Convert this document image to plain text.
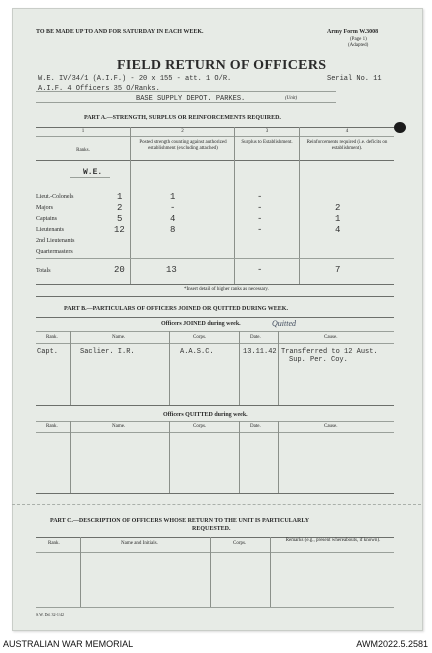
TO BE MADE UP TO AND FOR SATURDAY IN EACH WEEK.	Army Form W.3008
(Page 1)
(Adapted)
FIELD RETURN OF OFFICERS
W.E. IV/34/1 (A.I.F.) - 20 x 155 - att. 1 O/R.	Serial No. 11
A.I.F. 4 Officers 35 O/Ranks.
BASE SUPPLY DEPOT. PARKES.	(Unit)
PART A.—STRENGTH, SURPLUS OR REINFORCEMENTS REQUIRED.
1	2	3	4
Ranks.
Posted strength counting against authorized establishment (excluding attached)
Surplus to Establishment.	Reinforcements required (i.e. deficits on establishment).
W.E.
Lieut.-Colonels	1	1	-
Majors	2	-	-	2
Captains	5	4	-	1
Lieutenants	12	8	-	4
2nd Lieutenants
Quartermasters
Totals	20	13	-	7
*Insert detail of higher ranks as necessary.
PART B.—PARTICULARS OF OFFICERS JOINED OR QUITTED DURING WEEK.
Officers JOINED during week.	Quitted
Rank.	Name.	Corps.	Date.	Cause.
Capt.	Saclier. I.R.	A.A.S.C.	13.11.42 Transferred to 12 Aust.
Sup. Per. Coy.
Officers QUITTED during week.
Rank.	Name.	Corps.	Date.	Cause.
PART C.—DESCRIPTION OF OFFICERS WHOSE RETURN TO THE UNIT IS PARTICULARLY
REQUESTED.
Rank.	Name and Initials.	Corps.
Remarks (e.g., present whereabouts, if known).
S.W. Dd. 32-1/42
AUSTRALIAN WAR MEMORIAL	AWM2022.5.2581
